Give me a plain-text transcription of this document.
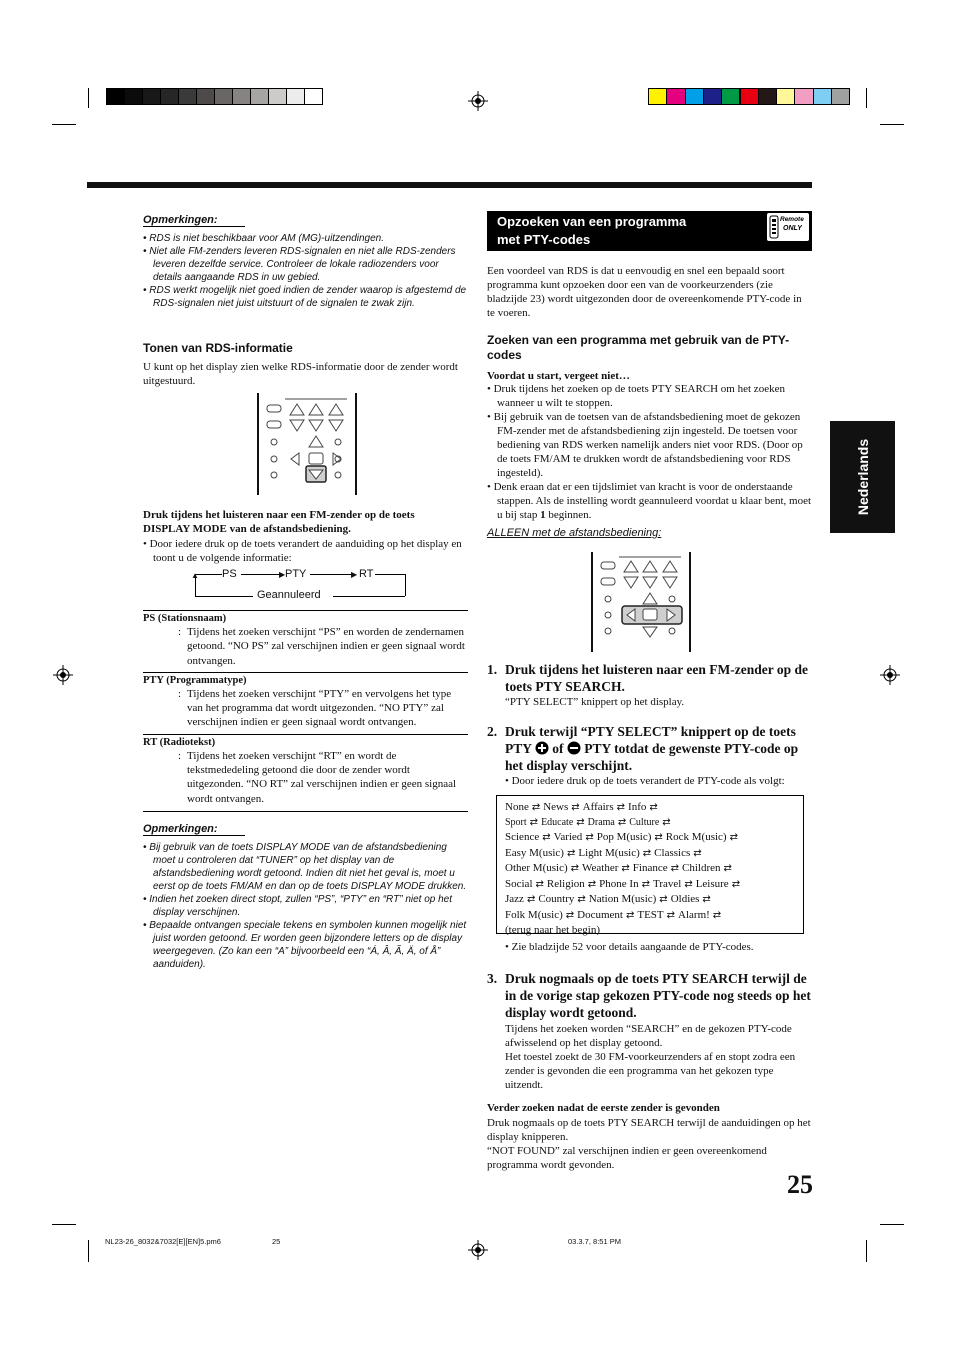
Opmerkingen:
• RDS is niet beschikbaar voor AM (MG)-uitzendingen.
• Niet alle FM-zenders leveren RDS-signalen en niet alle RDS-zenders leveren dezelfde service. Controleer de lokale radiozenders voor details aangaande RDS in uw gebied.
• RDS werkt mogelijk niet goed indien de zender waarop is afgestemd de RDS-signalen niet juist uitstuurt of de signalen te zwak zijn.
Tonen van RDS-informatie
U kunt op het display zien welke RDS-informatie door de zender wordt uitgestuurd.
Druk tijdens het luisteren naar een FM-zender op de toets DISPLAY MODE van de afstandsbediening.
• Door iedere druk op de toets verandert de aanduiding op het display en toont u de volgende informatie:
PS	▶ PTY	▶ RT
Geannuleerd
▲
PS (Stationsnaam)
: Tijdens het zoeken verschijnt “PS” en worden de zendernamen getoond. “NO PS” zal verschijnen indien er geen signaal wordt ontvangen.
PTY (Programmatype)
: Tijdens het zoeken verschijnt “PTY” en vervolgens het type van het programma dat wordt uitgezonden. “NO PTY” zal verschijnen indien er geen signaal wordt ontvangen.
RT (Radiotekst)
: Tijdens het zoeken verschijnt “RT” en wordt de tekstmededeling getoond die door de zender wordt uitgezonden. “NO RT” zal verschijnen indien er geen signaal wordt ontvangen.
Opmerkingen:
• Bij gebruik van de toets DISPLAY MODE van de afstandsbediening moet u controleren dat “TUNER” op het display van de afstandsbediening wordt getoond. Indien dit niet het geval is, moet u eerst op de toets FM/AM en dan op de toets DISPLAY MODE drukken.
• Indien het zoeken direct stopt, zullen “PS”, “PTY” en “RT” niet op het display verschijnen.
• Bepaalde ontvangen speciale tekens en symbolen kunnen mogelijk niet juist worden getoond. Er worden geen bijzondere letters op de display weergegeven. (Zo kan een “A” bijvoorbeeld een “Á, Â, Ã, Ä, of Å” aanduiden).
Opzoeken van een programma
met PTY-codes
Remote
ONLY
Een voordeel van RDS is dat u eenvoudig en snel een bepaald soort programma kunt opzoeken door een van de voorkeurzenders (zie bladzijde 23) wordt uitgezonden door de overeenkomende PTY-code in te voeren.
Zoeken van een programma met gebruik van de PTY-codes
Voordat u start, vergeet niet…
• Druk tijdens het zoeken op de toets PTY SEARCH om het zoeken wanneer u wilt te stoppen.
• Bij gebruik van de toetsen van de afstandsbediening moet de gekozen FM-zender met de afstandsbediening zijn ingesteld. De toetsen voor bediening van RDS werken namelijk anders niet voor RDS. (Door op de toets FM/AM te drukken wordt de afstandsbediening voor RDS ingesteld).
• Denk eraan dat er een tijdslimiet van kracht is voor de onderstaande stappen. Als de instelling wordt geannuleerd voordat u klaar bent, moet u bij stap 1 beginnen.
ALLEEN met de afstandsbediening:
1. Druk tijdens het luisteren naar een FM-zender op de toets PTY SEARCH.
“PTY SELECT” knippert op het display.
2. Druk terwijl “PTY SELECT” knippert op de toets PTY of PTY totdat de gewenste PTY-code op het display verschijnt.
• Door iedere druk op de toets verandert de PTY-code als volgt:
None ⇄ News ⇄ Affairs ⇄ Info ⇄
Sport ⇄ Educate ⇄ Drama ⇄ Culture ⇄
Science ⇄ Varied ⇄ Pop M(usic) ⇄ Rock M(usic) ⇄
Easy M(usic) ⇄ Light M(usic) ⇄ Classics ⇄
Other M(usic) ⇄ Weather ⇄ Finance ⇄ Children ⇄
Social ⇄ Religion ⇄ Phone In ⇄ Travel ⇄ Leisure ⇄
Jazz ⇄ Country ⇄ Nation M(usic) ⇄ Oldies ⇄
Folk M(usic) ⇄ Document ⇄ TEST ⇄ Alarm! ⇄
(terug naar het begin)
• Zie bladzijde 52 voor details aangaande de PTY-codes.
3. Druk nogmaals op de toets PTY SEARCH terwijl de in de vorige stap gekozen PTY-code nog steeds op het display wordt getoond.
Tijdens het zoeken worden “SEARCH” en de gekozen PTY-code afwisselend op het display getoond.
Het toestel zoekt de 30 FM-voorkeurzenders af en stopt zodra een zender is gevonden die een programma van het gekozen type uitzendt.
Verder zoeken nadat de eerste zender is gevonden
Druk nogmaals op de toets PTY SEARCH terwijl de aanduidingen op het display knipperen.
“NOT FOUND” zal verschijnen indien er geen overeenkomend programma wordt gevonden.
Nederlands
25
NL23-26_8032&7032[E][EN]5.pm6	25	03.3.7, 8:51 PM
